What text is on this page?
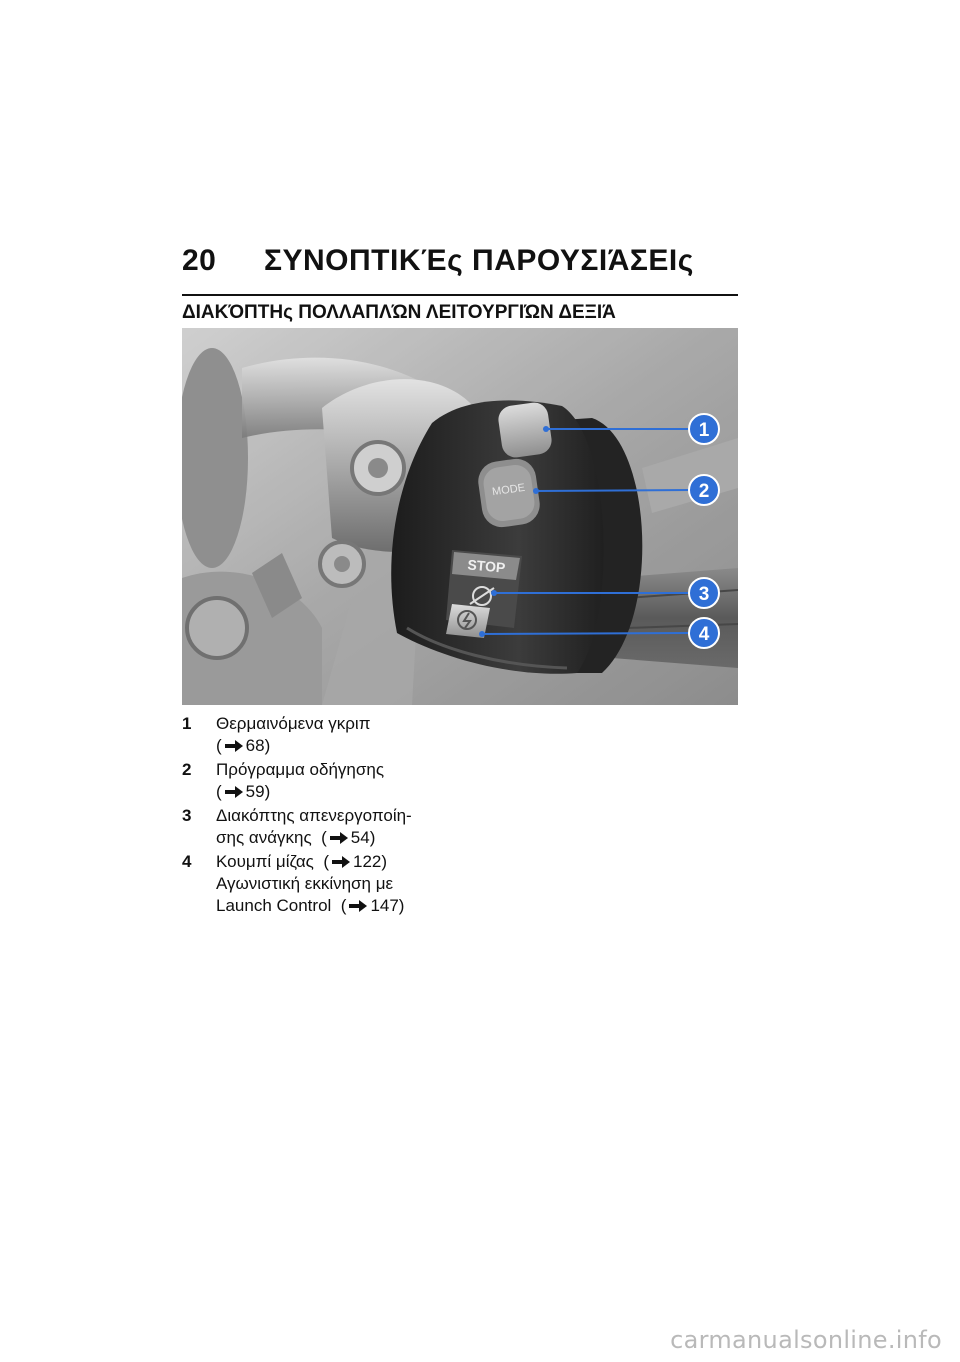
20 ΣΥΝΟΠΤΙΚΈς ΠΑΡΟΥΣΙΆΣΕΙς
ΔΙΑΚΌΠΤΗς ΠΟΛΛΑΠΛΏΝ ΛΕΙΤΟΥΡΓΙΏΝ ΔΕΞΙΆ
MODE
STOP
1
2
3
4
1	Θερμαινόμενα γκριπ
( 68)
2	Πρόγραμμα οδήγησης
( 59)
3	Διακόπτης απενεργοποίη-
σης ανάγκης ( 54)
4	Κουμπί μίζας ( 122)
Αγωνιστική εκκίνηση με
Launch Control ( 147)
carmanualsonline.info
